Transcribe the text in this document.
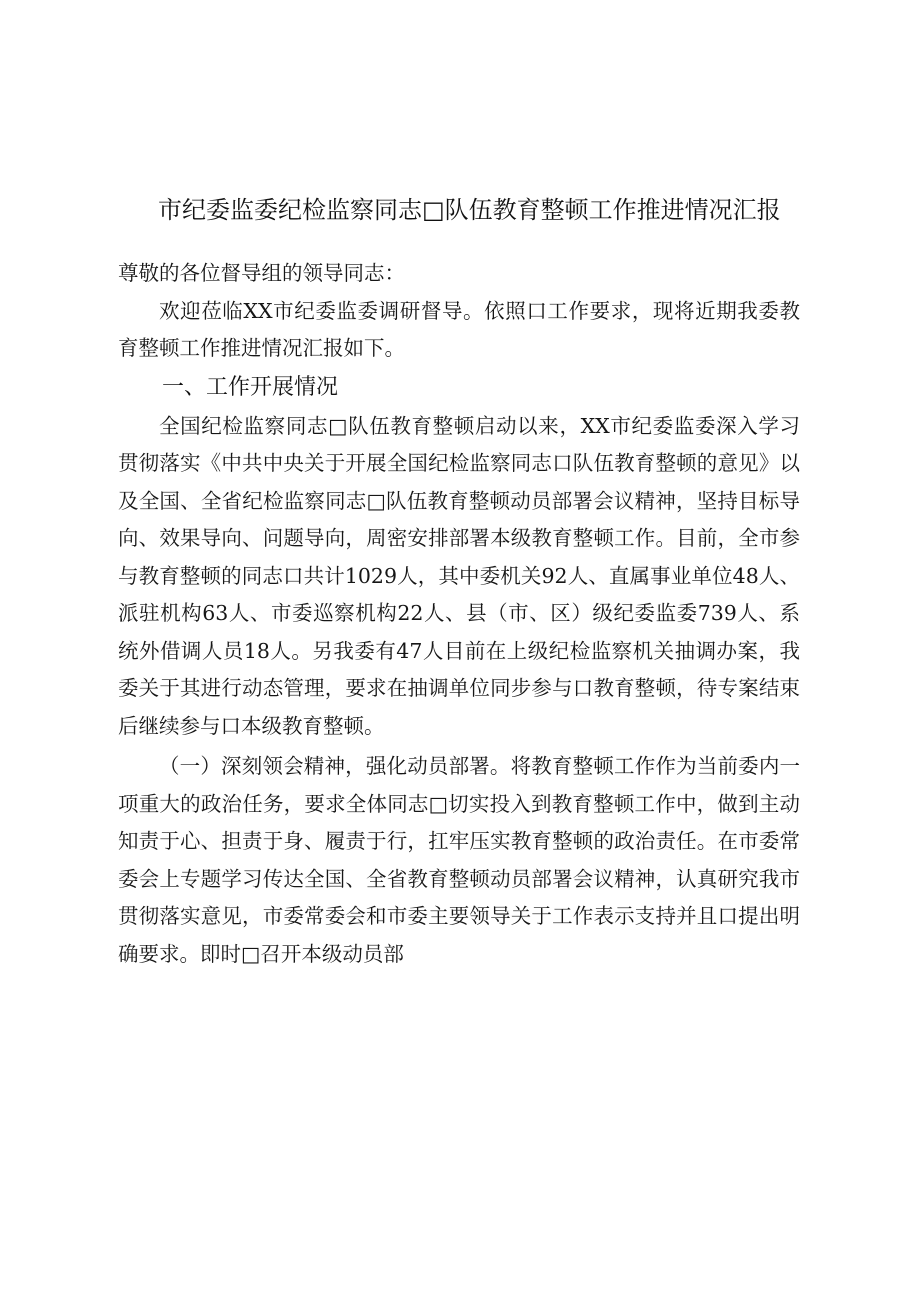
市纪委监委纪检监察同志□队伍教育整顿工作推进情况汇报

尊敬的各位督导组的领导同志：

欢迎莅临XX市纪委监委调研督导。依照口工作要求，现将近期我委教育整顿工作推进情况汇报如下。

一、工作开展情况

全国纪检监察同志□队伍教育整顿启动以来，XX市纪委监委深入学习贯彻落实《中共中央关于开展全国纪检监察同志口队伍教育整顿的意见》以及全国、全省纪检监察同志□队伍教育整顿动员部署会议精神，坚持目标导向、效果导向、问题导向，周密安排部署本级教育整顿工作。目前，全市参与教育整顿的同志口共计1029人，其中委机关92人、直属事业单位48人、派驻机构63人、市委巡察机构22人、县（市、区）级纪委监委739人、系统外借调人员18人。另我委有47人目前在上级纪检监察机关抽调办案，我委关于其进行动态管理，要求在抽调单位同步参与口教育整顿，待专案结束后继续参与口本级教育整顿。

（一）深刻领会精神，强化动员部署。将教育整顿工作作为当前委内一项重大的政治任务，要求全体同志□切实投入到教育整顿工作中，做到主动知责于心、担责于身、履责于行，扛牢压实教育整顿的政治责任。在市委常委会上专题学习传达全国、全省教育整顿动员部署会议精神，认真研究我市贯彻落实意见，市委常委会和市委主要领导关于工作表示支持并且口提出明确要求。即时□召开本级动员部
